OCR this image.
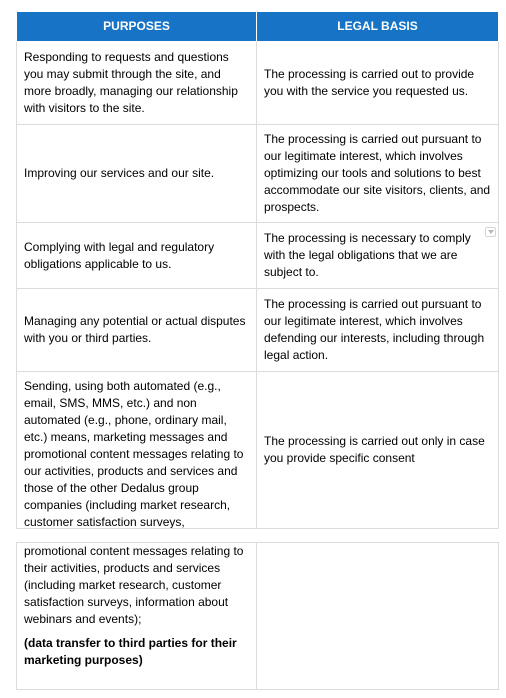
PURPOSES	LEGAL BASIS
Responding to requests and questions you may submit through the site, and more broadly, managing our relationship with visitors to the site.	The processing is carried out to provide you with the service you requested us.
Improving our services and our site.	The processing is carried out pursuant to our legitimate interest, which involves optimizing our tools and solutions to best accommodate our site visitors, clients, and prospects.
Complying with legal and regulatory obligations applicable to us.	The processing is necessary to comply with the legal obligations that we are subject to.
Managing any potential or actual disputes with you or third parties.	The processing is carried out pursuant to our legitimate interest, which involves defending our interests, including through legal action.

Sending, using both automated (e.g., email, SMS, MMS, etc.) and non automated (e.g., phone, ordinary mail, etc.) means, marketing messages and promotional content messages relating to our activities, products and services and those of the other Dedalus group companies (including market research, customer satisfaction surveys,	The processing is carried out only in case you provide specific consent

promotional content messages relating to their activities, products and services (including market research, customer satisfaction surveys, information about webinars and events);

(data transfer to third parties for their marketing purposes)
